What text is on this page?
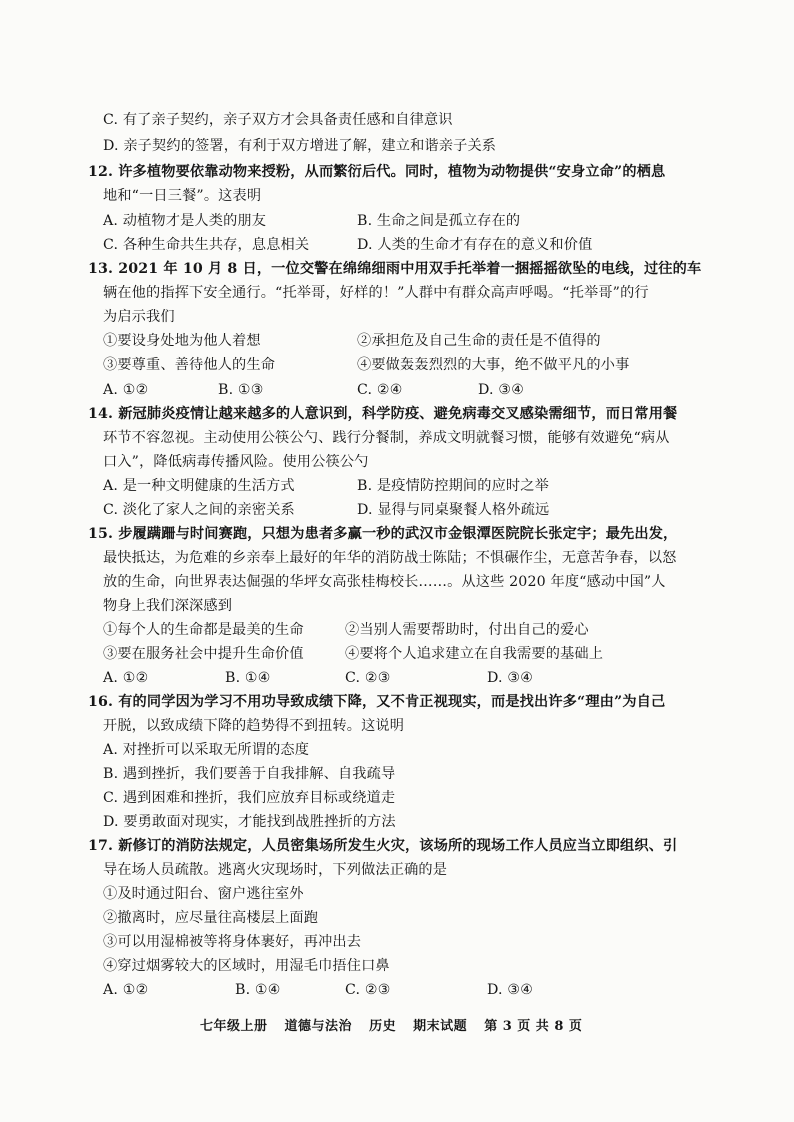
C. 有了亲子契约，亲子双方才会具备责任感和自律意识
D. 亲子契约的签署，有利于双方增进了解，建立和谐亲子关系
12. 许多植物要依靠动物来授粉，从而繁衍后代。同时，植物为动物提供“安身立命”的栖息
地和“一日三餐”。这表明
A. 动植物才是人类的朋友	B. 生命之间是孤立存在的
C. 各种生命共生共存，息息相关	D. 人类的生命才有存在的意义和价值
13. 2021 年 10 月 8 日，一位交警在绵绵细雨中用双手托举着一捆摇摇欲坠的电线，过往的车
辆在他的指挥下安全通行。“托举哥，好样的！”人群中有群众高声呼喝。“托举哥”的行
为启示我们
①要设身处地为他人着想	②承担危及自己生命的责任是不值得的
③要尊重、善待他人的生命	④要做轰轰烈烈的大事，绝不做平凡的小事
A. ①②	B. ①③	C. ②④	D. ③④
14. 新冠肺炎疫情让越来越多的人意识到，科学防疫、避免病毒交叉感染需细节，而日常用餐
环节不容忽视。主动使用公筷公勺、践行分餐制，养成文明就餐习惯，能够有效避免“病从
口入”，降低病毒传播风险。使用公筷公勺
A. 是一种文明健康的生活方式	B. 是疫情防控期间的应时之举
C. 淡化了家人之间的亲密关系	D. 显得与同桌聚餐人格外疏远
15. 步履蹒跚与时间赛跑，只想为患者多赢一秒的武汉市金银潭医院院长张定宇；最先出发，
最快抵达，为危难的乡亲奉上最好的年华的消防战士陈陆；不惧碾作尘，无意苦争春，以怒
放的生命，向世界表达倔强的华坪女高张桂梅校长……。从这些 2020 年度“感动中国”人
物身上我们深深感到
①每个人的生命都是最美的生命	②当别人需要帮助时，付出自己的爱心
③要在服务社会中提升生命价值	④要将个人追求建立在自我需要的基础上
A. ①②	B. ①④	C. ②③	D. ③④
16. 有的同学因为学习不用功导致成绩下降，又不肯正视现实，而是找出许多“理由”为自己
开脱，以致成绩下降的趋势得不到扭转。这说明
A. 对挫折可以采取无所谓的态度
B. 遇到挫折，我们要善于自我排解、自我疏导
C. 遇到困难和挫折，我们应放弃目标或绕道走
D. 要勇敢面对现实，才能找到战胜挫折的方法
17. 新修订的消防法规定，人员密集场所发生火灾，该场所的现场工作人员应当立即组织、引
导在场人员疏散。逃离火灾现场时，下列做法正确的是
①及时通过阳台、窗户逃往室外
②撤离时，应尽量往高楼层上面跑
③可以用湿棉被等将身体裹好，再冲出去
④穿过烟雾较大的区域时，用湿毛巾捂住口鼻
A. ①②	B. ①④	C. ②③	D. ③④
七年级上册 道德与法治 历史 期末试题 第 3 页 共 8 页
